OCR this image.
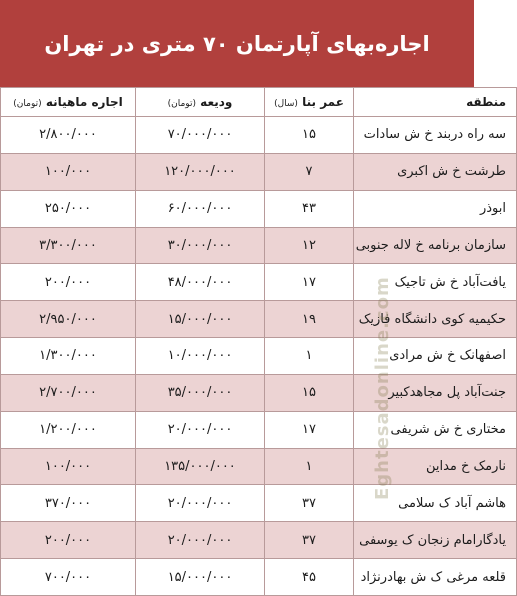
اجاره‌بهای آپارتمان ۷۰ متری در تهران
منطقه	عمر بنا (سال)	ودیعه (تومان)	اجاره ماهیانه (تومان)
سه راه دربند خ ش سادات	۱۵	۷۰/۰۰۰/۰۰۰	۲/۸۰۰/۰۰۰
طرشت خ ش اکبری	۷	۱۲۰/۰۰۰/۰۰۰	۱۰۰/۰۰۰
ابوذر	۴۳	۶۰/۰۰۰/۰۰۰	۲۵۰/۰۰۰
سازمان برنامه خ لاله جنوبی	۱۲	۳۰/۰۰۰/۰۰۰	۳/۳۰۰/۰۰۰
یافت‌آباد خ ش تاجیک	۱۷	۴۸/۰۰۰/۰۰۰	۲۰۰/۰۰۰
حکیمیه کوی دانشگاه فازیک	۱۹	۱۵/۰۰۰/۰۰۰	۲/۹۵۰/۰۰۰
اصفهانک خ ش مرادی	۱	۱۰/۰۰۰/۰۰۰	۱/۳۰۰/۰۰۰
جنت‌آباد پل مجاهدکبیر	۱۵	۳۵/۰۰۰/۰۰۰	۲/۷۰۰/۰۰۰
مختاری خ ش شریفی	۱۷	۲۰/۰۰۰/۰۰۰	۱/۲۰۰/۰۰۰
نارمک خ مداین	۱	۱۳۵/۰۰۰/۰۰۰	۱۰۰/۰۰۰
هاشم آباد ک سلامی	۳۷	۲۰/۰۰۰/۰۰۰	۳۷۰/۰۰۰
یادگارامام زنجان ک یوسفی	۳۷	۲۰/۰۰۰/۰۰۰	۲۰۰/۰۰۰
قلعه مرغی ک ش بهادرنژاد	۴۵	۱۵/۰۰۰/۰۰۰	۷۰۰/۰۰۰
Eghtesadonline.com
